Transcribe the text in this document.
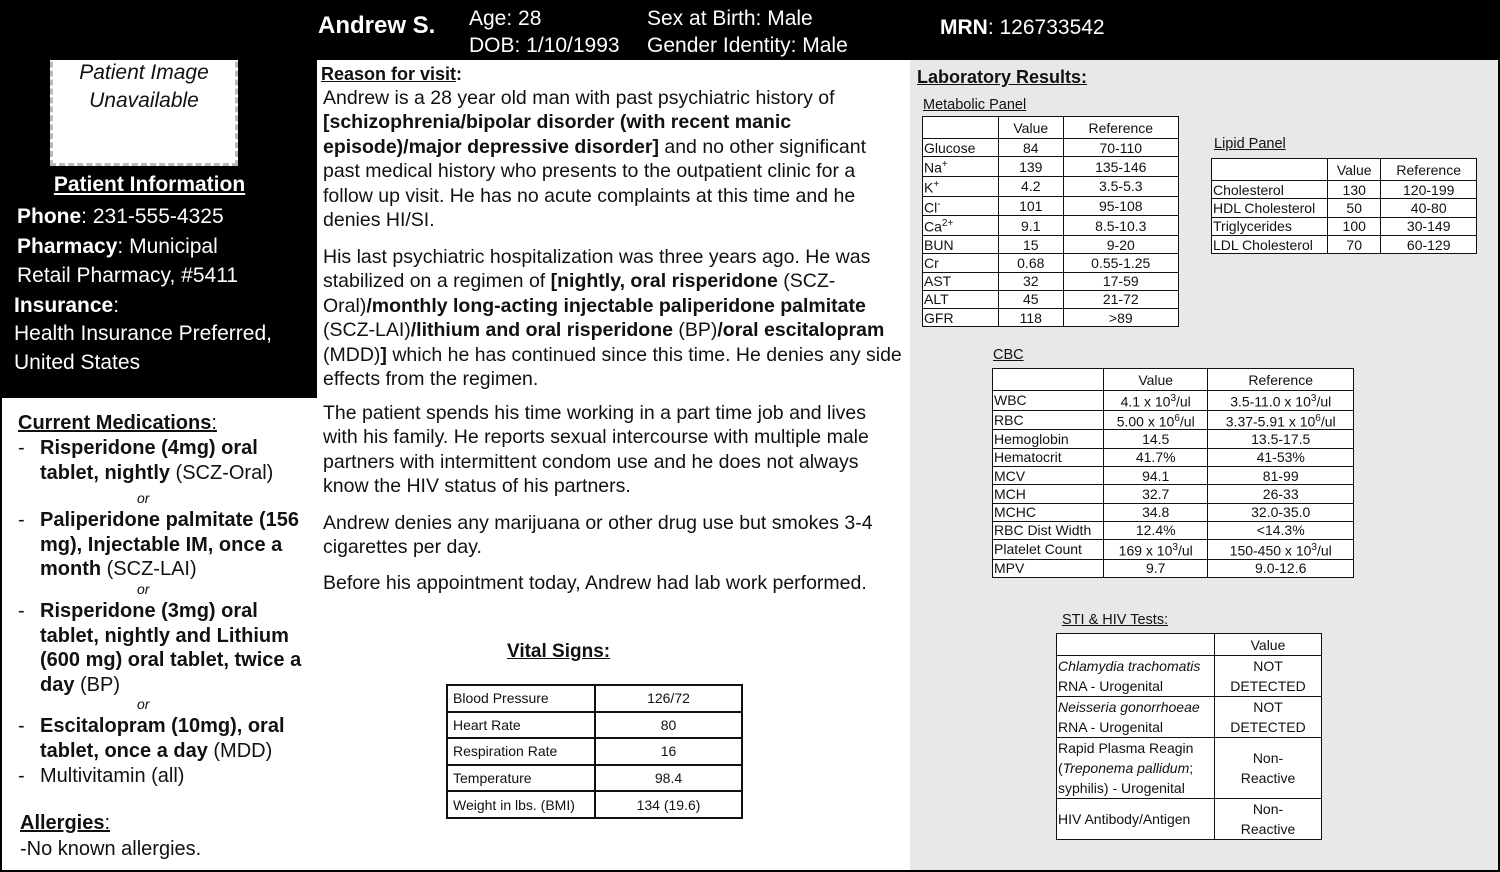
Patient Image Unavailable
Patient Information
Phone: 231-555-4325
Pharmacy: Municipal
Retail Pharmacy, #5411
Insurance:
Health Insurance Preferred,
United States
Current Medications:
- Risperidone (4mg) oral tablet, nightly (SCZ-Oral)
- Paliperidone palmitate (156 mg), Injectable IM, once a month (SCZ-LAI)
- Risperidone (3mg) oral tablet, nightly and Lithium (600 mg) oral tablet, twice a day (BP)
- Escitalopram (10mg), oral tablet, once a day (MDD)
- Multivitamin (all)
or
or
or
Allergies:
-No known allergies.
Andrew S. Age: 28
DOB: 1/10/1993
Sex at Birth: Male
Gender Identity: Male
MRN: 126733542
Reason for visit:
Andrew is a 28 year old man with past psychiatric history of [schizophrenia/bipolar disorder (with recent manic episode)/major depressive disorder] and no other significant past medical history who presents to the outpatient clinic for a follow up visit. He has no acute complaints at this time and he denies HI/SI.
His last psychiatric hospitalization was three years ago. He was stabilized on a regimen of [nightly, oral risperidone (SCZ-Oral)/monthly long-acting injectable paliperidone palmitate (SCZ-LAI)/lithium and oral risperidone (BP)/oral escitalopram (MDD)] which he has continued since this time. He denies any side effects from the regimen.
The patient spends his time working in a part time job and lives with his family. He reports sexual intercourse with multiple male partners with intermittent condom use and he does not always know the HIV status of his partners.
Andrew denies any marijuana or other drug use but smokes 3-4 cigarettes per day.
Before his appointment today, Andrew had lab work performed.
Vital Signs:
Blood Pressure	126/72
Heart Rate	80
Respiration Rate	16
Temperature	98.4
Weight in lbs. (BMI)	134 (19.6)
Laboratory Results:
Metabolic Panel
	Value	Reference
Glucose	84	70-110
Na+	139	135-146
K+	4.2	3.5-5.3
Cl-	101	95-108
$Ca^{2+}$	9.1	8.5-10.3
BUN	15	9-20
Cr	0.68	0.55-1.25
AST	32	17-59
ALT	45	21-72
GFR	118	>89
Lipid Panel
	Value	Reference
Cholesterol	130	120-199
HDL Cholesterol	50	40-80
Triglycerides	100	30-149
LDL Cholesterol	70	60-129
CBC
	Value	Reference
WBC	4.1 x $10^3/ul$	3.5-11.0 x $10^3/ul$
RBC	5.00 x $10^6/ul$	3.37-5.91 x $10^6/ul$
Hemoglobin	14.5	13.5-17.5
Hematocrit	41.7%	41-53%
MCV	94.1	81-99
MCH	32.7	26-33
MCHC	34.8	32.0-35.0
RBC Dist Width	12.4%	<14.3%
Platelet Count	169 x $10^3/ul$	150-450 x $10^3/ul$
MPV	9.7	9.0-12.6
STI & HIV Tests:
	Value
Chlamydia trachomatis
RNA - Urogenital	NOT DETECTED
Neisseria gonorrhoeae
RNA - Urogenital	NOT DETECTED
Rapid Plasma Reagin
(Treponema pallidum;
syphilis) - Urogenital	Non-Reactive
HIV Antibody/Antigen	Non-Reactive
